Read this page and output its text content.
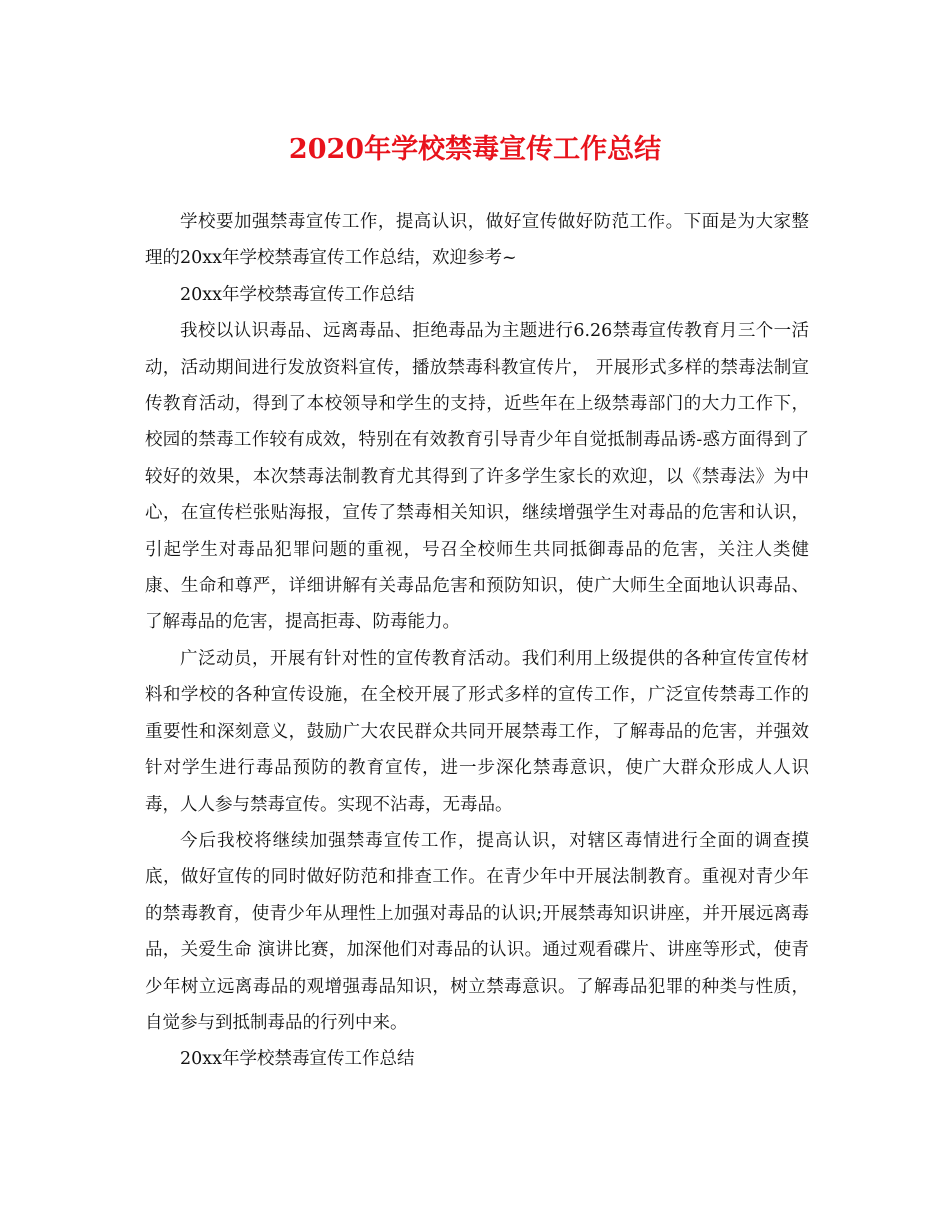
2020年学校禁毒宣传工作总结

学校要加强禁毒宣传工作，提高认识，做好宣传做好防范工作。下面是为大家整理的20xx年学校禁毒宣传工作总结，欢迎参考~

20xx年学校禁毒宣传工作总结

我校以认识毒品、远离毒品、拒绝毒品为主题进行6.26禁毒宣传教育月三个一活动，活动期间进行发放资料宣传，播放禁毒科教宣传片， 开展形式多样的禁毒法制宣传教育活动，得到了本校领导和学生的支持，近些年在上级禁毒部门的大力工作下，校园的禁毒工作较有成效，特别在有效教育引导青少年自觉抵制毒品诱-惑方面得到了较好的效果，本次禁毒法制教育尤其得到了许多学生家长的欢迎，以《禁毒法》为中心，在宣传栏张贴海报，宣传了禁毒相关知识，继续增强学生对毒品的危害和认识，引起学生对毒品犯罪问题的重视，号召全校师生共同抵御毒品的危害，关注人类健康、生命和尊严，详细讲解有关毒品危害和预防知识，使广大师生全面地认识毒品、了解毒品的危害，提高拒毒、防毒能力。

广泛动员，开展有针对性的宣传教育活动。我们利用上级提供的各种宣传宣传材料和学校的各种宣传设施，在全校开展了形式多样的宣传工作，广泛宣传禁毒工作的重要性和深刻意义，鼓励广大农民群众共同开展禁毒工作，了解毒品的危害，并强效针对学生进行毒品预防的教育宣传，进一步深化禁毒意识，使广大群众形成人人识毒，人人参与禁毒宣传。实现不沾毒，无毒品。

今后我校将继续加强禁毒宣传工作，提高认识，对辖区毒情进行全面的调查摸底，做好宣传的同时做好防范和排查工作。在青少年中开展法制教育。重视对青少年的禁毒教育，使青少年从理性上加强对毒品的认识;开展禁毒知识讲座，并开展远离毒品，关爱生命 演讲比赛，加深他们对毒品的认识。通过观看碟片、讲座等形式，使青少年树立远离毒品的观增强毒品知识，树立禁毒意识。了解毒品犯罪的种类与性质，自觉参与到抵制毒品的行列中来。

20xx年学校禁毒宣传工作总结
